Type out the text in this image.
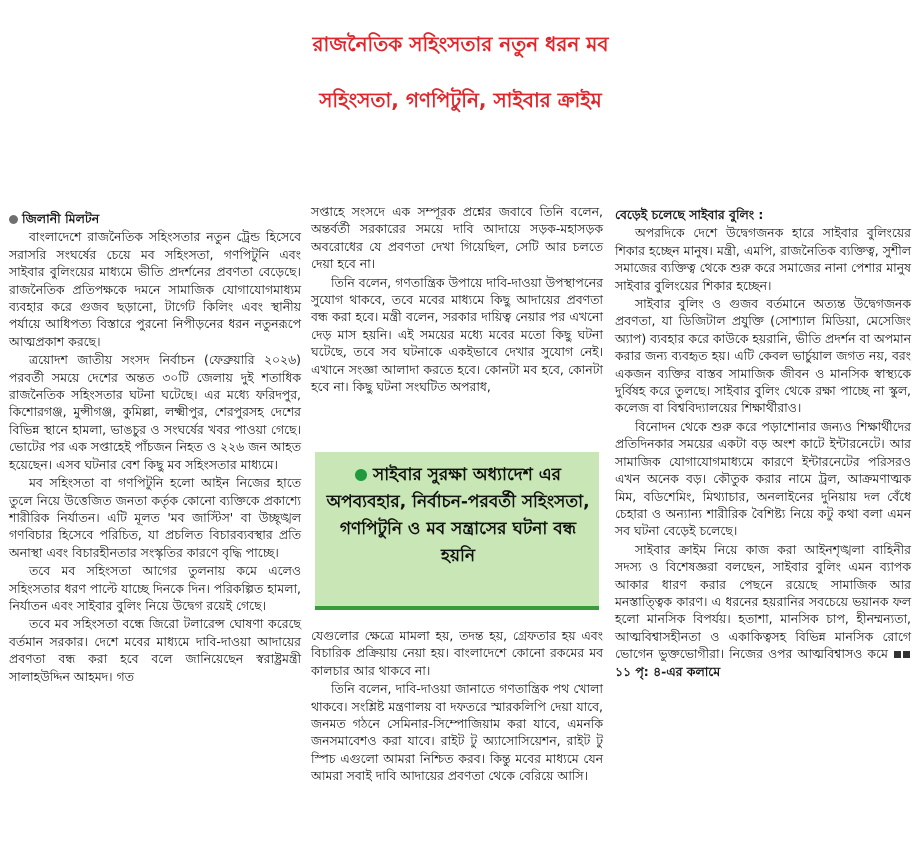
রাজনৈতিক সহিংসতার নতুন ধরন মব
সহিংসতা, গণপিটুনি, সাইবার ক্রাইম

জিলানী মিলটন

বাংলাদেশে রাজনৈতিক সহিংসতার নতুন ট্রেন্ড হিসেবে সরাসরি সংঘর্ষের চেয়ে মব সহিংসতা, গণপিটুনি এবং সাইবার বুলিংয়ের মাধ্যমে ভীতি প্রদর্শনের প্রবণতা বেড়েছে। রাজনৈতিক প্রতিপক্ষকে দমনে সামাজিক যোগাযোগমাধ্যম ব্যবহার করে গুজব ছড়ানো, টার্গেট কিলিং এবং স্থানীয় পর্যায়ে আধিপত্য বিস্তারে পুরনো নিপীড়নের ধরন নতুনরূপে আত্মপ্রকাশ করছে।

ত্রয়োদশ জাতীয় সংসদ নির্বাচন (ফেব্রুয়ারি ২০২৬) পরবর্তী সময়ে দেশের অন্তত ৩০টি জেলায় দুই শতাধিক রাজনৈতিক সহিংসতার ঘটনা ঘটেছে। এর মধ্যে ফরিদপুর, কিশোরগঞ্জ, মুন্সীগঞ্জ, কুমিল্লা, লক্ষ্মীপুর, শেরপুরসহ দেশের বিভিন্ন স্থানে হামলা, ভাঙচুর ও সংঘর্ষের খবর পাওয়া গেছে। ভোটের পর এক সপ্তাহেই পাঁচজন নিহত ও ২২৬ জন আহত হয়েছেন। এসব ঘটনার বেশ কিছু মব সহিংসতার মাধ্যমে।

মব সহিংসতা বা গণপিটুনি হলো আইন নিজের হাতে তুলে নিয়ে উত্তেজিত জনতা কর্তৃক কোনো ব্যক্তিকে প্রকাশ্যে শারীরিক নির্যাতন। এটি মূলত 'মব জাস্টিস' বা উচ্ছৃঙ্খল গণবিচার হিসেবে পরিচিত, যা প্রচলিত বিচারব্যবস্থার প্রতি অনাস্থা এবং বিচারহীনতার সংস্কৃতির কারণে বৃদ্ধি পাচ্ছে।

তবে মব সহিংসতা আগের তুলনায় কমে এলেও সহিংসতার ধরণ পাল্টে যাচ্ছে দিনকে দিন। পরিকল্পিত হামলা, নির্যাতন এবং সাইবার বুলিং নিয়ে উদ্বেগ রয়েই গেছে।

তবে মব সহিংসতা বন্ধে জিরো টলারেন্স ঘোষণা করেছে বর্তমান সরকার। দেশে মবের মাধ্যমে দাবি-দাওয়া আদায়ের প্রবণতা বন্ধ করা হবে বলে জানিয়েছেন স্বরাষ্ট্রমন্ত্রী সালাহউদ্দিন আহমদ। গত

সপ্তাহে সংসদে এক সম্পূরক প্রশ্নের জবাবে তিনি বলেন, অন্তর্বর্তী সরকারের সময়ে দাবি আদায়ে সড়ক-মহাসড়ক অবরোধের যে প্রবণতা দেখা গিয়েছিল, সেটি আর চলতে দেয়া হবে না।

তিনি বলেন, গণতান্ত্রিক উপায়ে দাবি-দাওয়া উপস্থাপনের সুযোগ থাকবে, তবে মবের মাধ্যমে কিছু আদায়ের প্রবণতা বন্ধ করা হবে। মন্ত্রী বলেন, সরকার দায়িত্ব নেয়ার পর এখনো দেড় মাস হয়নি। এই সময়ের মধ্যে মবের মতো কিছু ঘটনা ঘটেছে, তবে সব ঘটনাকে একইভাবে দেখার সুযোগ নেই। এখানে সংজ্ঞা আলাদা করতে হবে। কোনটা মব হবে, কোনটা হবে না। কিছু ঘটনা সংঘটিত অপরাধ,

সাইবার সুরক্ষা অধ্যাদেশ এর অপব্যবহার, নির্বাচন-পরবর্তী সহিংসতা, গণপিটুনি ও মব সন্ত্রাসের ঘটনা বন্ধ হয়নি

যেগুলোর ক্ষেত্রে মামলা হয়, তদন্ত হয়, গ্রেফতার হয় এবং বিচারিক প্রক্রিয়ায় নেয়া হয়। বাংলাদেশে কোনো রকমের মব কালচার আর থাকবে না।

তিনি বলেন, দাবি-দাওয়া জানাতে গণতান্ত্রিক পথ খোলা থাকবে। সংশ্লিষ্ট মন্ত্রণালয় বা দফতরে স্মারকলিপি দেয়া যাবে, জনমত গঠনে সেমিনার-সিম্পোজিয়াম করা যাবে, এমনকি জনসমাবেশও করা যাবে। রাইট টু অ্যাসোসিয়েশন, রাইট টু স্পিচ এগুলো আমরা নিশ্চিত করব। কিন্তু মবের মাধ্যমে যেন আমরা সবাই দাবি আদায়ের প্রবণতা থেকে বেরিয়ে আসি।

বেড়েই চলেছে সাইবার বুলিং :

অপরদিকে দেশে উদ্বেগজনক হারে সাইবার বুলিংয়ের শিকার হচ্ছেন মানুষ। মন্ত্রী, এমপি, রাজনৈতিক ব্যক্তিত্ব, সুশীল সমাজের ব্যক্তিত্ব থেকে শুরু করে সমাজের নানা পেশার মানুষ সাইবার বুলিংয়ের শিকার হচ্ছেন।

সাইবার বুলিং ও গুজব বর্তমানে অত্যন্ত উদ্বেগজনক প্রবণতা, যা ডিজিটাল প্রযুক্তি (সোশ্যাল মিডিয়া, মেসেজিং অ্যাপ) ব্যবহার করে কাউকে হয়রানি, ভীতি প্রদর্শন বা অপমান করার জন্য ব্যবহৃত হয়। এটি কেবল ভার্চুয়াল জগত নয়, বরং একজন ব্যক্তির বাস্তব সামাজিক জীবন ও মানসিক স্বাস্থ্যকে দুর্বিষহ করে তুলছে। সাইবার বুলিং থেকে রক্ষা পাচ্ছে না স্কুল, কলেজ বা বিশ্ববিদ্যালয়ের শিক্ষার্থীরাও।

বিনোদন থেকে শুরু করে পড়াশোনার জন্যও শিক্ষার্থীদের প্রতিদিনকার সময়ের একটা বড় অংশ কাটে ইন্টারনেটে। আর সামাজিক যোগাযোগমাধ্যমে কারণে ইন্টারনেটের পরিসরও এখন অনেক বড়। কৌতুক করার নামে ট্রল, আক্রমণাত্মক মিম, বডিশেমিং, মিথ্যাচার, অনলাইনের দুনিয়ায় দল বেঁধে চেহারা ও অন্যান্য শারীরিক বৈশিষ্ট্য নিয়ে কটু কথা বলা এমন সব ঘটনা বেড়েই চলেছে।

সাইবার ক্রাইম নিয়ে কাজ করা আইনশৃঙ্খলা বাহিনীর সদস্য ও বিশেষজ্ঞরা বলছেন, সাইবার বুলিং এমন ব্যাপক আকার ধারণ করার পেছনে রয়েছে সামাজিক আর মনস্তাত্ত্বিক কারণ। এ ধরনের হয়রানির সবচেয়ে ভয়ানক ফল হলো মানসিক বিপর্যয়। হতাশা, মানসিক চাপ, হীনম্মন্যতা, আত্মবিশ্বাসহীনতা ও একাকিত্বসহ বিভিন্ন মানসিক রোগে ভোগেন ভুক্তভোগীরা। নিজের ওপর আত্মবিশ্বাসও কমে  ১১ পৃ: ৪-এর কলামে
